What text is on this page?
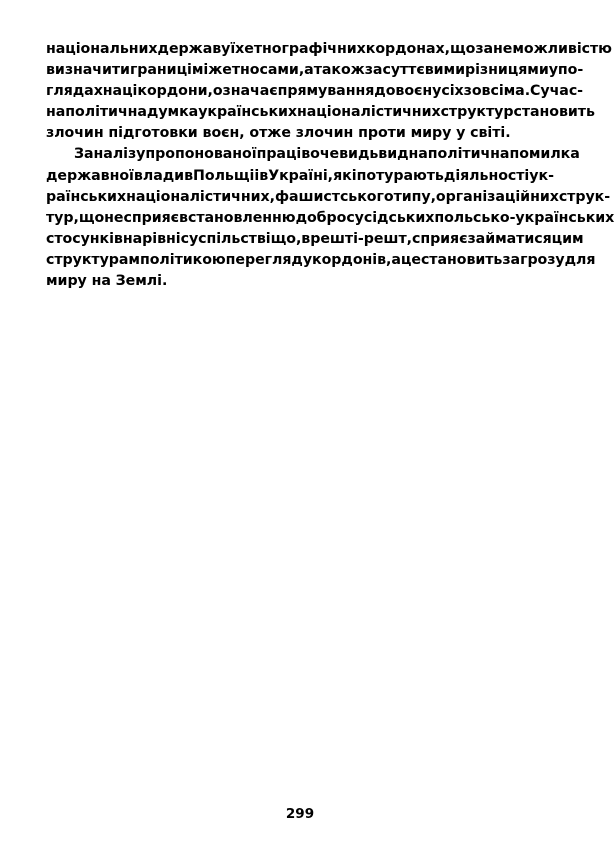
національних держав у їх етнографічних кордонах, що за неможливістю
визначити границі між етносами, а також за суттєвими різницями у по-
глядах на ці кордони, означає прямування до воєн усіх зо всіма. Сучас-
на політична думка українських націоналістичних структур становить
злочин підготовки воєн, отже злочин проти миру у світі.
З аналізу пропонованої праці вочевидь видна політична помилка
державної влади в Польщі і в Україні, які потурають діяльності ук-
раїнських націоналістичних, фашистського типу, організаційних струк-
тур, що не сприяє встановленню добросусідських польсько-українських
стосунків на рівні суспільств і що, врешті-решт, сприяє займатися цим
структурам політикою перегляду кордонів, а це становить загрозу для
миру на Землі.
299
